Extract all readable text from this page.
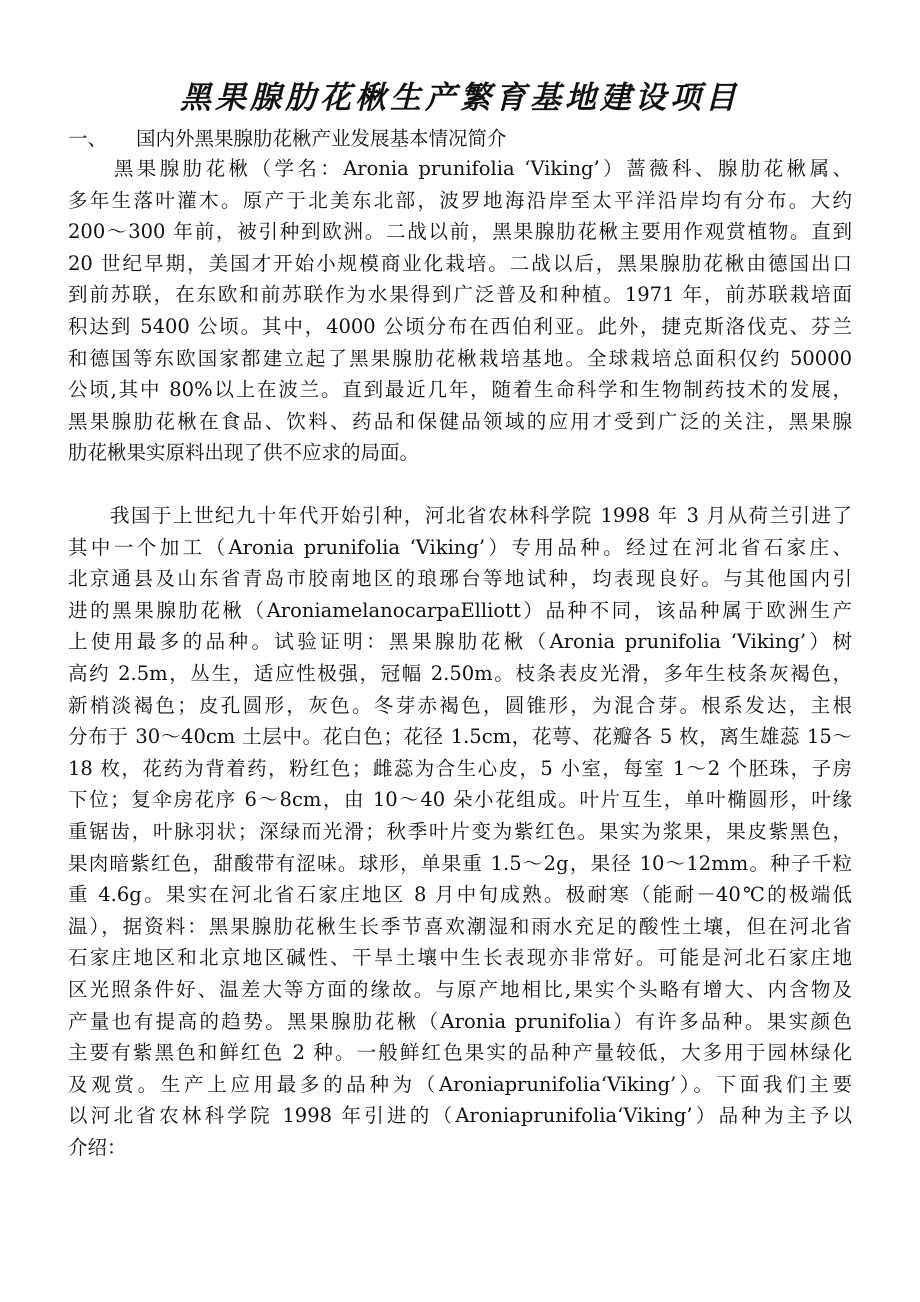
黑果腺肋花楸生产繁育基地建设项目
一、 国内外黑果腺肋花楸产业发展基本情况简介
　　黑果腺肋花楸（学名：Aronia prunifolia ‘Viking’）蔷薇科、腺肋花楸属、
多年生落叶灌木。原产于北美东北部，波罗地海沿岸至太平洋沿岸均有分布。大约
200～300 年前，被引种到欧洲。二战以前，黑果腺肋花楸主要用作观赏植物。直到
20 世纪早期，美国才开始小规模商业化栽培。二战以后，黑果腺肋花楸由德国出口
到前苏联，在东欧和前苏联作为水果得到广泛普及和种植。1971 年，前苏联栽培面
积达到 5400 公顷。其中，4000 公顷分布在西伯利亚。此外，捷克斯洛伐克、芬兰
和德国等东欧国家都建立起了黑果腺肋花楸栽培基地。全球栽培总面积仅约 50000
公顷,其中 80%以上在波兰。直到最近几年，随着生命科学和生物制药技术的发展，
黑果腺肋花楸在食品、饮料、药品和保健品领域的应用才受到广泛的关注，黑果腺
肋花楸果实原料出现了供不应求的局面。
　　我国于上世纪九十年代开始引种，河北省农林科学院 1998 年 3 月从荷兰引进了
其中一个加工（Aronia prunifolia ‘Viking’）专用品种。经过在河北省石家庄、
北京通县及山东省青岛市胶南地区的琅琊台等地试种，均表现良好。与其他国内引
进的黑果腺肋花楸（AroniamelanocarpaElliott）品种不同，该品种属于欧洲生产
上使用最多的品种。试验证明：黑果腺肋花楸（Aronia prunifolia ‘Viking’）树
高约 2.5m，丛生，适应性极强，冠幅 2.50m。枝条表皮光滑，多年生枝条灰褐色，
新梢淡褐色；皮孔圆形，灰色。冬芽赤褐色，圆锥形，为混合芽。根系发达，主根
分布于 30～40cm 土层中。花白色；花径 1.5cm，花萼、花瓣各 5 枚，离生雄蕊 15～
18 枚，花药为背着药，粉红色；雌蕊为合生心皮，5 小室，每室 1～2 个胚珠，子房
下位；复伞房花序 6～8cm，由 10～40 朵小花组成。叶片互生，单叶椭圆形，叶缘
重锯齿，叶脉羽状；深绿而光滑；秋季叶片变为紫红色。果实为浆果，果皮紫黑色，
果肉暗紫红色，甜酸带有涩味。球形，单果重 1.5～2g，果径 10～12mm。种子千粒
重 4.6g。果实在河北省石家庄地区 8 月中旬成熟。极耐寒（能耐－40℃的极端低
温），据资料：黑果腺肋花楸生长季节喜欢潮湿和雨水充足的酸性土壤，但在河北省
石家庄地区和北京地区碱性、干旱土壤中生长表现亦非常好。可能是河北石家庄地
区光照条件好、温差大等方面的缘故。与原产地相比,果实个头略有增大、内含物及
产量也有提高的趋势。黑果腺肋花楸（Aronia prunifolia）有许多品种。果实颜色
主要有紫黑色和鲜红色 2 种。一般鲜红色果实的品种产量较低，大多用于园林绿化
及观赏。生产上应用最多的品种为（Aroniaprunifolia‘Viking’）。下面我们主要
以河北省农林科学院 1998 年引进的（Aroniaprunifolia‘Viking’）品种为主予以
介绍：
